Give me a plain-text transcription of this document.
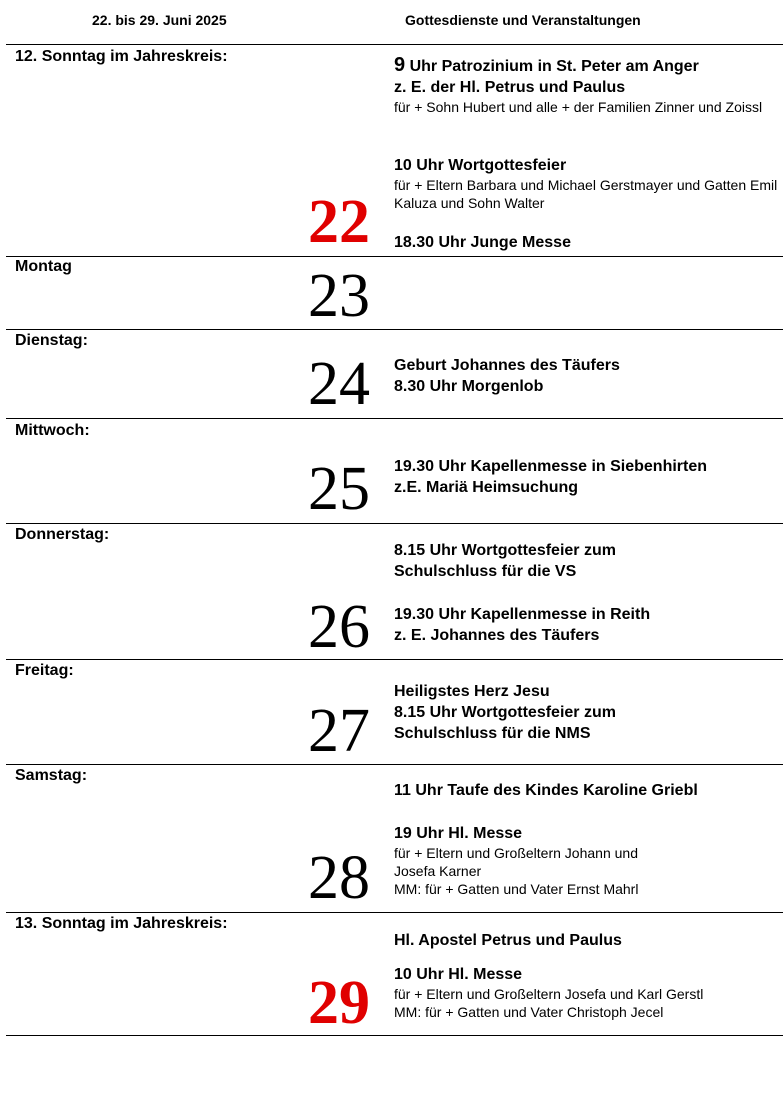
22. bis 29. Juni 2025	Gottesdienste und Veranstaltungen
12. Sonntag im Jahreskreis:
22
9 Uhr Patrozinium in St. Peter am Anger
z. E. der Hl. Petrus und Paulus
für + Sohn Hubert und alle + der Familien Zinner und Zoissl
10 Uhr Wortgottesfeier
für + Eltern Barbara und Michael Gerstmayer und Gatten Emil Kaluza und Sohn Walter
18.30 Uhr Junge Messe
Montag	23
Dienstag:
24 Geburt Johannes des Täufers
8.30 Uhr Morgenlob
Mittwoch:
25 19.30 Uhr Kapellenmesse in Siebenhirten
z.E. Mariä Heimsuchung
Donnerstag:
26
8.15 Uhr Wortgottesfeier zum
Schulschluss für die VS
19.30 Uhr Kapellenmesse in Reith
z. E. Johannes des Täufers
Freitag:
27
Heiligstes Herz Jesu
8.15 Uhr Wortgottesfeier zum
Schulschluss für die NMS
Samstag:
28
11 Uhr Taufe des Kindes Karoline Griebl
19 Uhr Hl. Messe
für + Eltern und Großeltern Johann und
Josefa Karner
MM: für + Gatten und Vater Ernst Mahrl
13. Sonntag im Jahreskreis:
29
Hl. Apostel Petrus und Paulus
10 Uhr Hl. Messe
für + Eltern und Großeltern Josefa und Karl Gerstl
MM: für + Gatten und Vater Christoph Jecel
